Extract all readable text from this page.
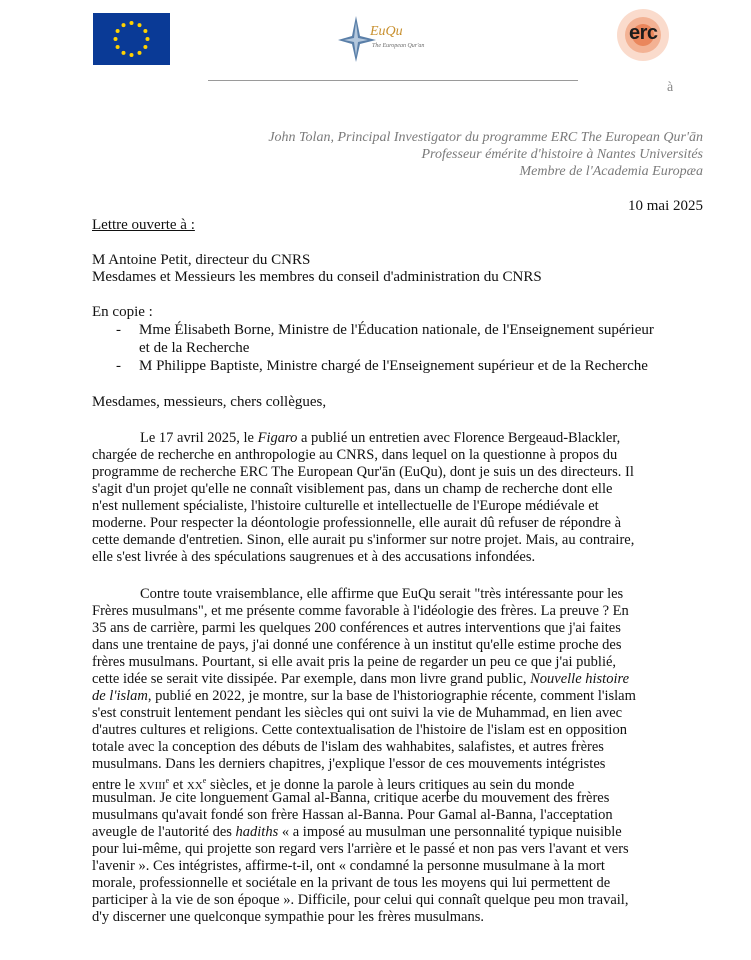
EuQu
The European Qur'an
erc
à
John Tolan, Principal Investigator du programme ERC The European Qur'ān
Professeur émérite d'histoire à Nantes Universités
Membre de l'Academia Europæa
10 mai 2025
Lettre ouverte à :
M Antoine Petit, directeur du CNRS
Mesdames et Messieurs les membres du conseil d'administration du CNRS
En copie :
- Mme Élisabeth Borne, Ministre de l'Éducation nationale, de l'Enseignement supérieur
et de la Recherche
- M Philippe Baptiste, Ministre chargé de l'Enseignement supérieur et de la Recherche
Mesdames, messieurs, chers collègues,
Le 17 avril 2025, le Figaro a publié un entretien avec Florence Bergeaud-Blackler,
chargée de recherche en anthropologie au CNRS, dans lequel on la questionne à propos du
programme de recherche ERC The European Qur'ān (EuQu), dont je suis un des directeurs. Il
s'agit d'un projet qu'elle ne connaît visiblement pas, dans un champ de recherche dont elle
n'est nullement spécialiste, l'histoire culturelle et intellectuelle de l'Europe médiévale et
moderne. Pour respecter la déontologie professionnelle, elle aurait dû refuser de répondre à
cette demande d'entretien. Sinon, elle aurait pu s'informer sur notre projet. Mais, au contraire,
elle s'est livrée à des spéculations saugrenues et à des accusations infondées.
Contre toute vraisemblance, elle affirme que EuQu serait "très intéressante pour les
Frères musulmans", et me présente comme favorable à l'idéologie des frères. La preuve ? En
35 ans de carrière, parmi les quelques 200 conférences et autres interventions que j'ai faites
dans une trentaine de pays, j'ai donné une conférence à un institut qu'elle estime proche des
frères musulmans. Pourtant, si elle avait pris la peine de regarder un peu ce que j'ai publié,
cette idée se serait vite dissipée. Par exemple, dans mon livre grand public, Nouvelle histoire
de l'islam, publié en 2022, je montre, sur la base de l'historiographie récente, comment l'islam
s'est construit lentement pendant les siècles qui ont suivi la vie de Muhammad, en lien avec
d'autres cultures et religions. Cette contextualisation de l'histoire de l'islam est en opposition
totale avec la conception des débuts de l'islam des wahhabites, salafistes, et autres frères
musulmans. Dans les derniers chapitres, j'explique l'essor de ces mouvements intégristes
entre le XVIIIe et XXe siècles, et je donne la parole à leurs critiques au sein du monde
musulman. Je cite longuement Gamal al-Banna, critique acerbe du mouvement des frères
musulmans qu'avait fondé son frère Hassan al-Banna. Pour Gamal al-Banna, l'acceptation
aveugle de l'autorité des hadiths « a imposé au musulman une personnalité typique nuisible
pour lui-même, qui projette son regard vers l'arrière et le passé et non pas vers l'avant et vers
l'avenir ». Ces intégristes, affirme-t-il, ont « condamné la personne musulmane à la mort
morale, professionnelle et sociétale en la privant de tous les moyens qui lui permettent de
participer à la vie de son époque ». Difficile, pour celui qui connaît quelque peu mon travail,
d'y discerner une quelconque sympathie pour les frères musulmans.
